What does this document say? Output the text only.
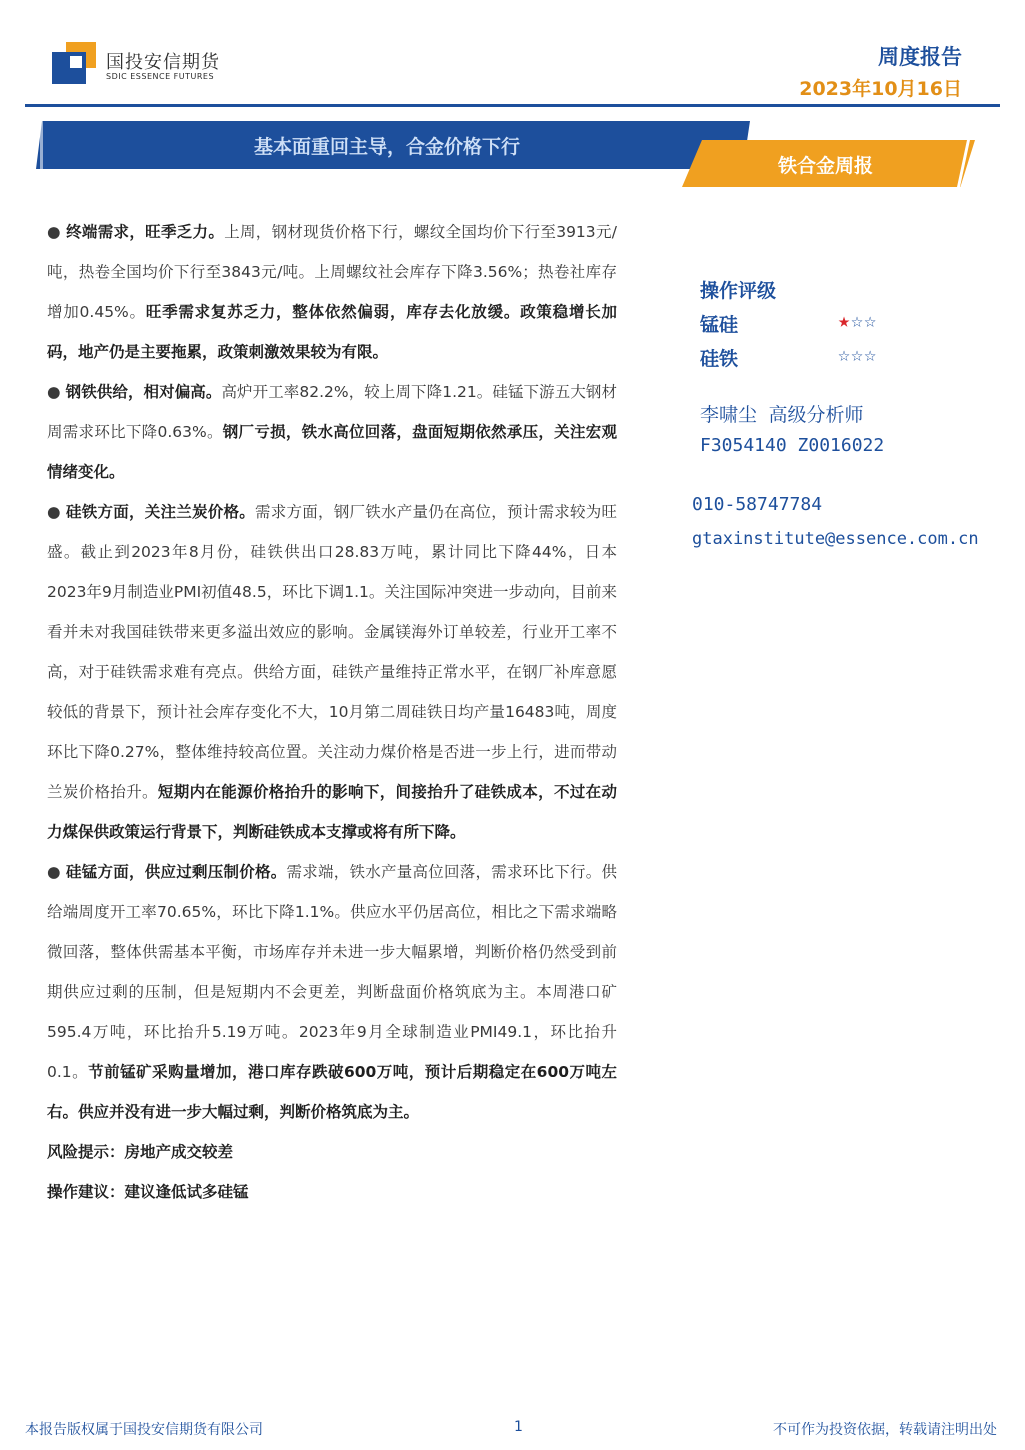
国投安信期货
SDIC ESSENCE FUTURES
周度报告
2023年10月16日
基本面重回主导，合金价格下行
铁合金周报

● 终端需求，旺季乏力。上周，钢材现货价格下行，螺纹全国均价下行至3913元/吨，热卷全国均价下行至3843元/吨。上周螺纹社会库存下降3.56%；热卷社库存增加0.45%。旺季需求复苏乏力，整体依然偏弱，库存去化放缓。政策稳增长加码，地产仍是主要拖累，政策刺激效果较为有限。

● 钢铁供给，相对偏高。高炉开工率82.2%，较上周下降1.21。硅锰下游五大钢材周需求环比下降0.63%。钢厂亏损，铁水高位回落，盘面短期依然承压，关注宏观情绪变化。

● 硅铁方面，关注兰炭价格。需求方面，钢厂铁水产量仍在高位，预计需求较为旺盛。截止到2023年8月份，硅铁供出口28.83万吨，累计同比下降44%，日本2023年9月制造业PMI初值48.5，环比下调1.1。关注国际冲突进一步动向，目前来看并未对我国硅铁带来更多溢出效应的影响。金属镁海外订单较差，行业开工率不高，对于硅铁需求难有亮点。供给方面，硅铁产量维持正常水平，在钢厂补库意愿较低的背景下，预计社会库存变化不大，10月第二周硅铁日均产量16483吨，周度环比下降0.27%，整体维持较高位置。关注动力煤价格是否进一步上行，进而带动兰炭价格抬升。短期内在能源价格抬升的影响下，间接抬升了硅铁成本，不过在动力煤保供政策运行背景下，判断硅铁成本支撑或将有所下降。

● 硅锰方面，供应过剩压制价格。需求端，铁水产量高位回落，需求环比下行。供给端周度开工率70.65%，环比下降1.1%。供应水平仍居高位，相比之下需求端略微回落，整体供需基本平衡，市场库存并未进一步大幅累增，判断价格仍然受到前期供应过剩的压制，但是短期内不会更差，判断盘面价格筑底为主。本周港口矿595.4万吨，环比抬升5.19万吨。2023年9月全球制造业PMI49.1，环比抬升0.1。节前锰矿采购量增加，港口库存跌破600万吨，预计后期稳定在600万吨左右。供应并没有进一步大幅过剩，判断价格筑底为主。

风险提示：房地产成交较差

操作建议：建议逢低试多硅锰

操作评级
锰硅	★☆☆
硅铁	☆☆☆
李啸尘 高级分析师
F3054140 Z0016022
010-58747784
gtaxinstitute@essence.com.cn
本报告版权属于国投安信期货有限公司	1	不可作为投资依据，转载请注明出处
